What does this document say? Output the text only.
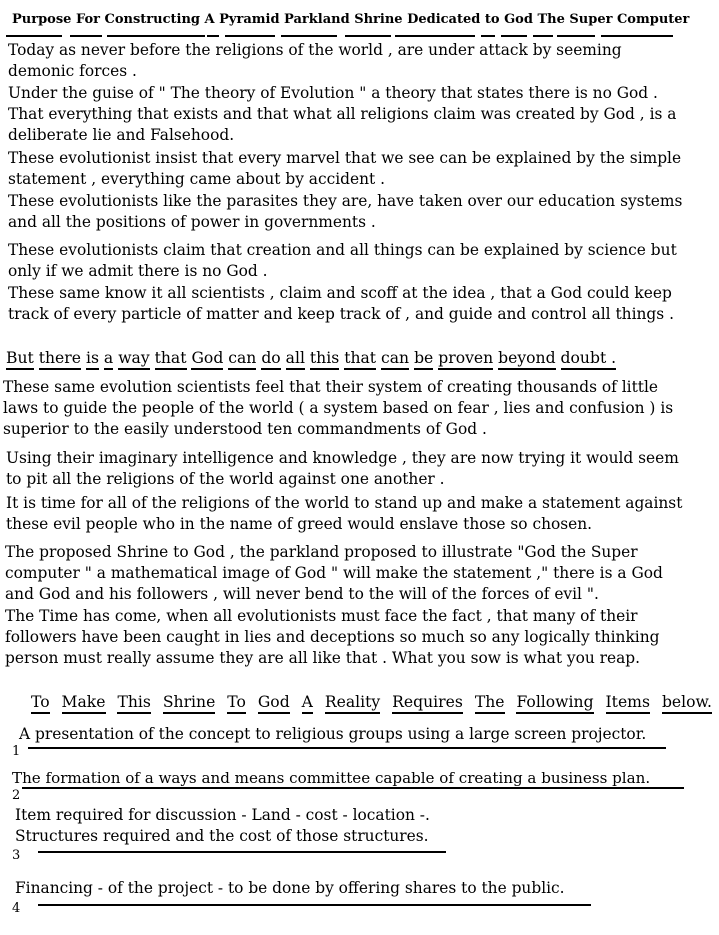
Purpose For Constructing A Pyramid Parkland Shrine Dedicated to God The Super Computer

Today as never before the religions of the world , are under attack by seeming demonic forces .

Under the guise of " The theory of Evolution " a theory that states there is no God . That everything that exists and that what all religions claim was created by God , is a deliberate lie and Falsehood.

These evolutionist insist that every marvel that we see can be explained by the simple statement , everything came about by accident .

These evolutionists like the parasites they are, have taken over our education systems and all the positions of power in governments .

These evolutionists claim that creation and all things can be explained by science but only if we admit there is no God .

These same know it all scientists , claim and scoff at the idea , that a God could keep track of every particle of matter and keep track of , and guide and control all things .

But there is a way that God can do all this that can be proven beyond doubt .

These same evolution scientists feel that their system of creating thousands of little laws to guide the people of the world ( a system based on fear , lies and confusion ) is superior to the easily understood ten commandments of God .

Using their imaginary intelligence and knowledge , they are now trying it would seem to pit all the religions of the world against one another .

It is time for all of the religions of the world to stand up and make a statement against these evil people who in the name of greed would enslave those so chosen.

The proposed Shrine to God , the parkland proposed to illustrate "God the Super computer " a mathematical image of God " will make the statement ," there is a God and God and his followers , will never bend to the will of the forces of evil ".

The Time has come, when all evolutionists must face the fact , that many of their followers have been caught in lies and deceptions so much so any logically thinking person must really assume they are all like that . What you sow is what you reap.

To Make This Shrine To God A Reality Requires The Following Items below.
A presentation of the concept to religious groups using a large screen projector.
1
The formation of a ways and means committee capable of creating a business plan.
2
Item required for discussion - Land - cost - location -.
Structures required and the cost of those structures.
3
Financing - of the project - to be done by offering shares to the public.
4
